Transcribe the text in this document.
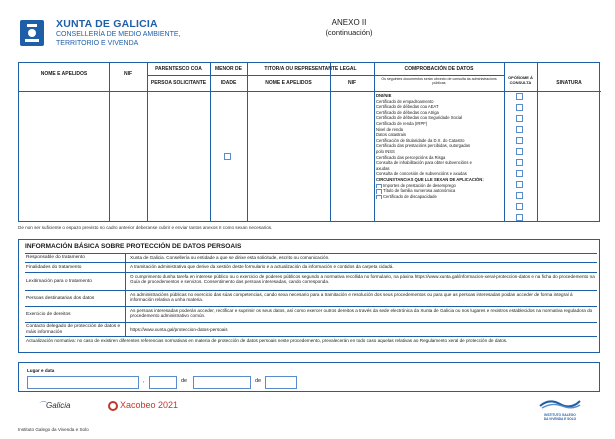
XUNTA DE GALICIA
CONSELLERÍA DE MEDIO AMBIENTE,
TERRITORIO E VIVENDA
ANEXO II
(continuación)
NOME E APELIDOS	NIF
PARENTESCO COA
PERSOA SOLICITANTE
MENOR DE
IDADE
TITOR/A OU REPRESENTANTE LEGAL
NOME E APELIDOS	NIF
COMPROBACIÓN DE DATOS
Os seguintes documentos serán obxecto de consulta ás administracións públicas
OPÓÑOME Á CONSULTA	SINATURA
DNI/NIE
Certificado de empadroamento
Certificado de débedas coa AEAT
Certificado de débedas coa Atriga
Certificado de débedas coa Seguridade Social
Certificado de renda (IRPF)
Nivel de renda
Datos catastrais
Certificación de titularidade da D.X. do Catastro
Certificado das prestacións percibidas, outorgadas
polo INSS
Certificado das percepcións da Risga
Consulta de inhabilitación para obter subvencións e
axudas
Consulta de concesión de subvencións e axudas
CIRCUNSTANCIAS QUE LLE SEXAN DE APLICACIÓN:
Importes de prestación de desemprego
Título de familia numerosa autonómica
Certificado de discapacidade
De non ser suficiente o espazo previsto no cadro anterior deberanse cubrir e enviar tantos anexos II como sexan necesarios.
INFORMACIÓN BÁSICA SOBRE PROTECCIÓN DE DATOS PERSOAIS
Responsable do tratamento	Xunta de Galicia. Consellería ou entidade a que se dirixe esta solicitude, escrito ou comunicación.
Finalidades do tratamento	A tramitación administrativa que derive da xestión deste formulario e a actualización da información e contidos da carpeta cidadá.
Lexitimación para o tratamento
O cumprimento dunha tarefa en interese público ou o exercicio de poderes públicos segundo a normativa recollida no formulario, na páxina https://www.xunta.gal/informacion-xeral-proteccion-datos e na ficha do procedemento na Guía de procedementos e servizos. Consentimento das persoas interesadas, cando corresponda.
Persoas destinatarias dos datos
As administracións públicas no exercicio das súas competencias, cando sexa necesario para a tramitación e resolución dos seus procedementos ou para que as persoas interesadas poidan acceder de forma integral á información relativa a unha materia.
Exercicio de dereitos
As persoas interesadas poderán acceder, rectificar e suprimir os seus datos, así como exercer outros dereitos a través da sede electrónica da Xunta de Galicia ou nos lugares e rexistros establecidos na normativa reguladora do procedemento administrativo común.
Contacto delegado de protección de datos e máis información
https://www.xunta.gal/proteccion-datos-persoais
Actualización normativa: no caso de existiren diferentes referencias normativas en materia de protección de datos persoais neste procedemento, prevalecerán en todo caso aquelas relativas ao Regulamento xeral de protección de datos.
Lugar e data
,	de	de
⌒Galicia	Xacobeo 2021
INSTITUTO GALEGO
DA VIVENDA E SOLO
Instituto Galego da Vivenda e Solo
